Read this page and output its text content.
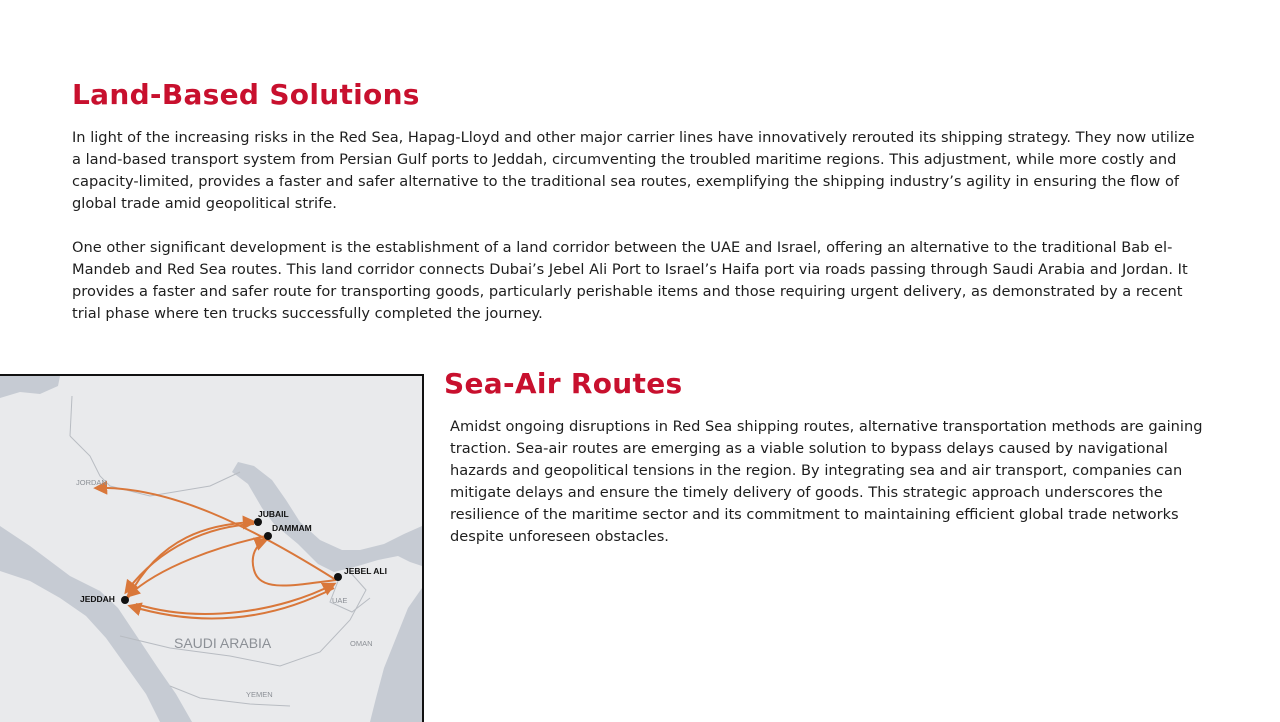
Land-Based Solutions

In light of the increasing risks in the Red Sea, Hapag-Lloyd and other major carrier lines have innovatively rerouted its shipping strategy. They now utilize a land-based transport system from Persian Gulf ports to Jeddah, circumventing the troubled maritime regions. This adjustment, while more costly and capacity-limited, provides a faster and safer alternative to the traditional sea routes, exemplifying the shipping industry’s agility in ensuring the flow of global trade amid geopolitical strife.

One other significant development is the establishment of a land corridor between the UAE and Israel, offering an alternative to the traditional Bab el-Mandeb and Red Sea routes. This land corridor connects Dubai’s Jebel Ali Port to Israel’s Haifa port via roads passing through Saudi Arabia and Jordan. It provides a faster and safer route for transporting goods, particularly perishable items and those requiring urgent delivery, as demonstrated by a recent trial phase where ten trucks successfully completed the journey.

JUBAIL
DAMMAM
JEBEL ALI
JEDDAH
JORDAN
SAUDI ARABIA
UAE
OMAN
YEMEN
Sea-Air Routes

Amidst ongoing disruptions in Red Sea shipping routes, alternative transportation methods are gaining traction. Sea-air routes are emerging as a viable solution to bypass delays caused by navigational hazards and geopolitical tensions in the region. By integrating sea and air transport, companies can mitigate delays and ensure the timely delivery of goods. This strategic approach underscores the resilience of the maritime sector and its commitment to maintaining efficient global trade networks despite unforeseen obstacles.
